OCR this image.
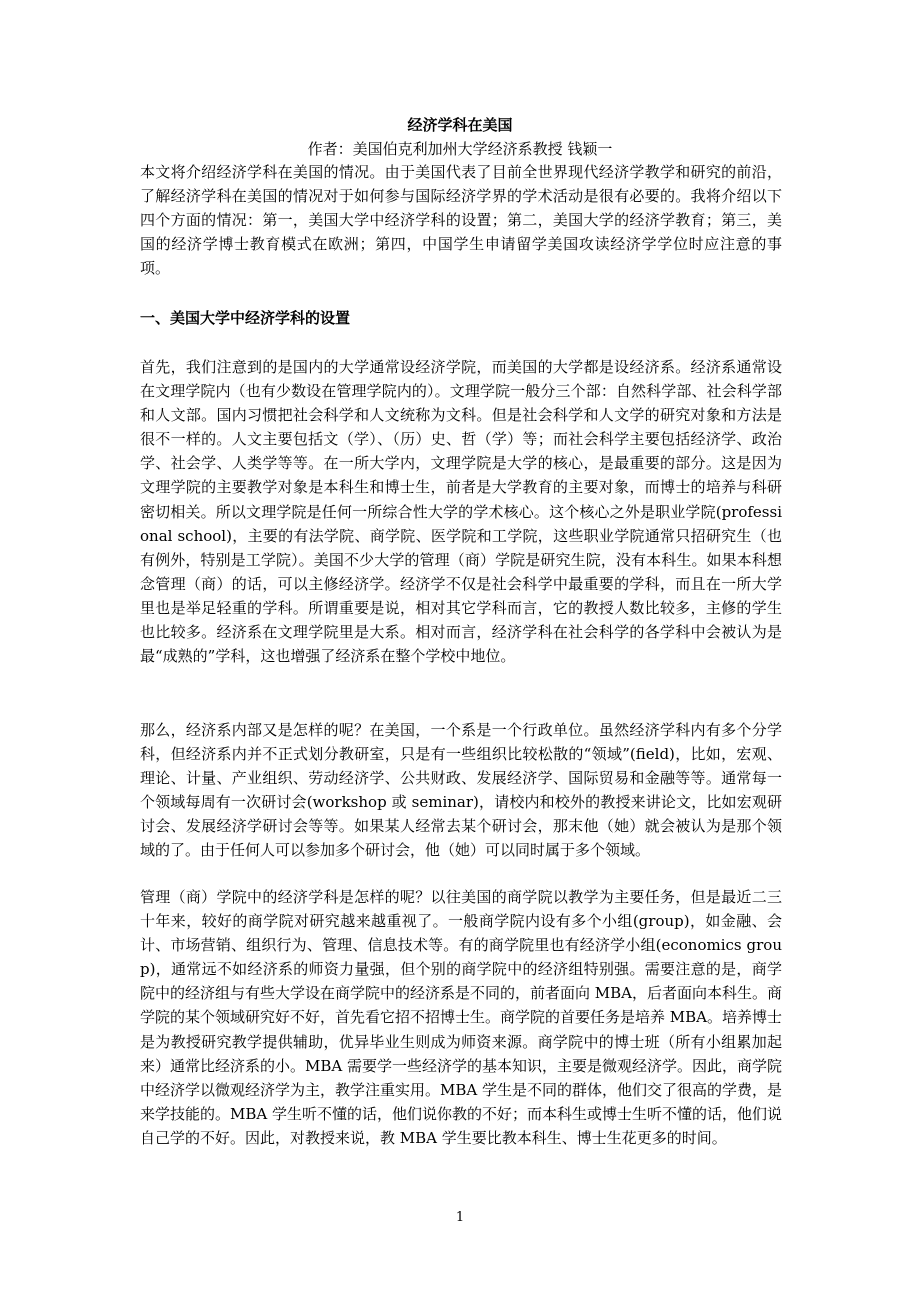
经济学科在美国

作者：美国伯克利加州大学经济系教授 钱颖一

本文将介绍经济学科在美国的情况。由于美国代表了目前全世界现代经济学教学和研究的前沿，了解经济学科在美国的情况对于如何参与国际经济学界的学术活动是很有必要的。我将介绍以下四个方面的情况：第一，美国大学中经济学科的设置；第二，美国大学的经济学教育；第三，美国的经济学博士教育模式在欧洲；第四，中国学生申请留学美国攻读经济学学位时应注意的事项。

一、美国大学中经济学科的设置

首先，我们注意到的是国内的大学通常设经济学院，而美国的大学都是设经济系。经济系通常设在文理学院内（也有少数设在管理学院内的）。文理学院一般分三个部：自然科学部、社会科学部和人文部。国内习惯把社会科学和人文统称为文科。但是社会科学和人文学的研究对象和方法是很不一样的。人文主要包括文（学）、（历）史、哲（学）等；而社会科学主要包括经济学、政治学、社会学、人类学等等。在一所大学内，文理学院是大学的核心，是最重要的部分。这是因为文理学院的主要教学对象是本科生和博士生，前者是大学教育的主要对象，而博士的培养与科研密切相关。所以文理学院是任何一所综合性大学的学术核心。这个核心之外是职业学院(professional school)，主要的有法学院、商学院、医学院和工学院，这些职业学院通常只招研究生（也有例外，特别是工学院）。美国不少大学的管理（商）学院是研究生院，没有本科生。如果本科想念管理（商）的话，可以主修经济学。经济学不仅是社会科学中最重要的学科，而且在一所大学里也是举足轻重的学科。所谓重要是说，相对其它学科而言，它的教授人数比较多，主修的学生也比较多。经济系在文理学院里是大系。相对而言，经济学科在社会科学的各学科中会被认为是最“成熟的”学科，这也增强了经济系在整个学校中地位。

那么，经济系内部又是怎样的呢？在美国，一个系是一个行政单位。虽然经济学科内有多个分学科，但经济系内并不正式划分教研室，只是有一些组织比较松散的“领域”(field)，比如，宏观、理论、计量、产业组织、劳动经济学、公共财政、发展经济学、国际贸易和金融等等。通常每一个领域每周有一次研讨会(workshop 或 seminar)，请校内和校外的教授来讲论文，比如宏观研讨会、发展经济学研讨会等等。如果某人经常去某个研讨会，那末他（她）就会被认为是那个领域的了。由于任何人可以参加多个研讨会，他（她）可以同时属于多个领域。

管理（商）学院中的经济学科是怎样的呢？以往美国的商学院以教学为主要任务，但是最近二三十年来，较好的商学院对研究越来越重视了。一般商学院内设有多个小组(group)，如金融、会计、市场营销、组织行为、管理、信息技术等。有的商学院里也有经济学小组(economics group)，通常远不如经济系的师资力量强，但个别的商学院中的经济组特别强。需要注意的是，商学院中的经济组与有些大学设在商学院中的经济系是不同的，前者面向 MBA，后者面向本科生。商学院的某个领域研究好不好，首先看它招不招博士生。商学院的首要任务是培养 MBA。培养博士是为教授研究教学提供辅助，优异毕业生则成为师资来源。商学院中的博士班（所有小组累加起来）通常比经济系的小。MBA 需要学一些经济学的基本知识，主要是微观经济学。因此，商学院中经济学以微观经济学为主，教学注重实用。MBA 学生是不同的群体，他们交了很高的学费，是来学技能的。MBA 学生听不懂的话，他们说你教的不好；而本科生或博士生听不懂的话，他们说自己学的不好。因此，对教授来说，教 MBA 学生要比教本科生、博士生花更多的时间。

1
